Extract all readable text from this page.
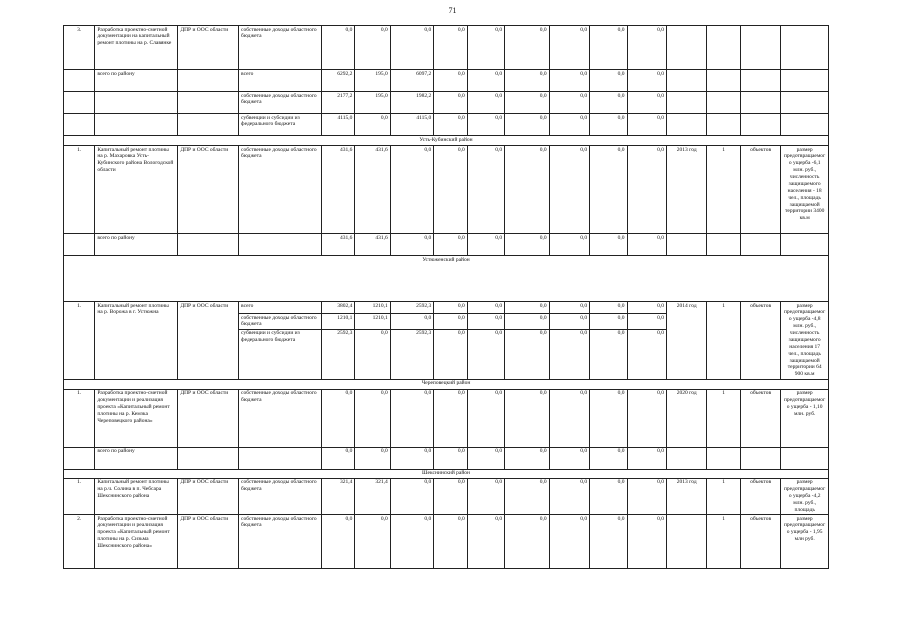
71
3.	Разработка проектно-сметной документации на капитальный ремонт плотины на р. Славянке	ДПР и ООС области	собственные доходы областного бюджета	0,0	0,0	0,0	0,0	0,0	0,0	0,0	0,0	0,0				
	всего по району		всего	6292,2	195,0	6097,2	0,0	0,0	0,0	0,0	0,0	0,0				
			собственные доходы областного бюджета	2177,2	195,0	1982,2	0,0	0,0	0,0	0,0	0,0	0,0				
			субвенции и субсидии из федерального бюджета	4115,0	0,0	4115,0	0,0	0,0	0,0	0,0	0,0	0,0				
Усть-Кубинский район																
1.	Капитальный ремонт плотины на р. Махаровка Усть-Кубинского района Вологодской области	ДПР и ООС области	собственные доходы областного бюджета	431,6	431,6	0,0	0,0	0,0	0,0	0,0	0,0	0,0	2013 год	1	объектов	размер предотвращаемого ущерба -6,1 млн. руб., численность защищаемого населения - 18 чел., площадь защищаемой территории 3400 кв.м
	всего по району			431,6	431,6	0,0	0,0	0,0	0,0	0,0	0,0	0,0				
Устюженский район																
1.	Капитальный ремонт плотины на р. Ворожа в г. Устюжна	ДПР и ООС области	всего	3802,4	1210,1	2592,3	0,0	0,0	0,0	0,0	0,0	0,0	2014 год	1	объектов	размер предотвращаемого ущерба -4,8 млн. руб., численность защищаемого населения 17 чел., площадь защищаемой территории 64 900 кв.м
			собственные доходы областного бюджета	1210,1	1210,1	0,0	0,0	0,0	0,0	0,0	0,0	0,0				
			субвенции и субсидии из федерального бюджета	2592,3	0,0	2592,3	0,0	0,0	0,0	0,0	0,0	0,0				
Череповецкий район																
1.	Разработка проектно-сметной документации и реализация проекта «Капитальный ремонт плотины на р. Кемзка Череповецкого района»	ДПР и ООС области	собственные доходы областного бюджета	0,0	0,0	0,0	0,0	0,0	0,0	0,0	0,0	0,0	2020 год	1	объектов	размер предотвращаемого ущерба - 1,10 млн. руб.
	всего по району			0,0	0,0	0,0	0,0	0,0	0,0	0,0	0,0	0,0				
Шекснинский район																
1.	Капитальный ремонт плотины на р.ч. Солина в п. Чебсара Шекснинского района	ДПР и ООС области	собственные доходы областного бюджета	321,4	321,4	0,0	0,0	0,0	0,0	0,0	0,0	0,0	2013 год	1	объектов	размер предотвращаемого ущерба -4,2 млн. руб., площадь
2.	Разработка проектно-сметной документации и реализация проекта «Капитальный ремонт плотины на р. Сизьма Шекснинского района»	ДПР и ООС области	собственные доходы областного бюджета	0,0	0,0	0,0	0,0	0,0	0,0	0,0	0,0	0,0		1	объектов	размер предотвращаемого ущерба - 1,95 млн руб.
